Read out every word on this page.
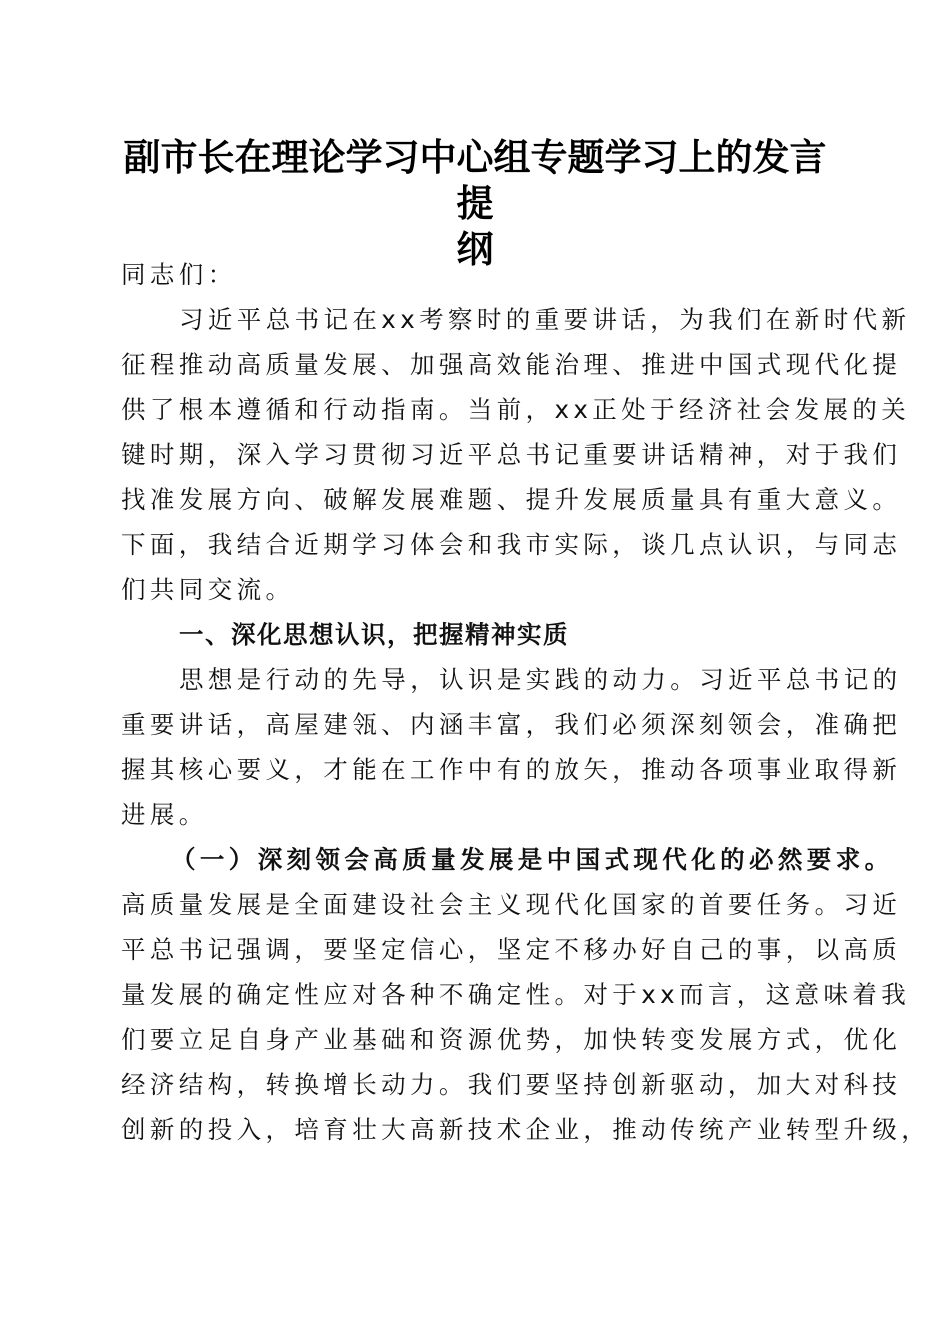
副市长在理论学习中心组专题学习上的发言提
纲
同志们：
习近平总书记在xx考察时的重要讲话，为我们在新时代新
征程推动高质量发展、加强高效能治理、推进中国式现代化提
供了根本遵循和行动指南。当前，xx正处于经济社会发展的关
键时期，深入学习贯彻习近平总书记重要讲话精神，对于我们
找准发展方向、破解发展难题、提升发展质量具有重大意义。
下面，我结合近期学习体会和我市实际，谈几点认识，与同志
们共同交流。
一、深化思想认识，把握精神实质
思想是行动的先导，认识是实践的动力。习近平总书记的
重要讲话，高屋建瓴、内涵丰富，我们必须深刻领会，准确把
握其核心要义，才能在工作中有的放矢，推动各项事业取得新
进展。
（一）深刻领会高质量发展是中国式现代化的必然要求。
高质量发展是全面建设社会主义现代化国家的首要任务。习近
平总书记强调，要坚定信心，坚定不移办好自己的事，以高质
量发展的确定性应对各种不确定性。对于xx而言，这意味着我
们要立足自身产业基础和资源优势，加快转变发展方式，优化
经济结构，转换增长动力。我们要坚持创新驱动，加大对科技
创新的投入，培育壮大高新技术企业，推动传统产业转型升级，
